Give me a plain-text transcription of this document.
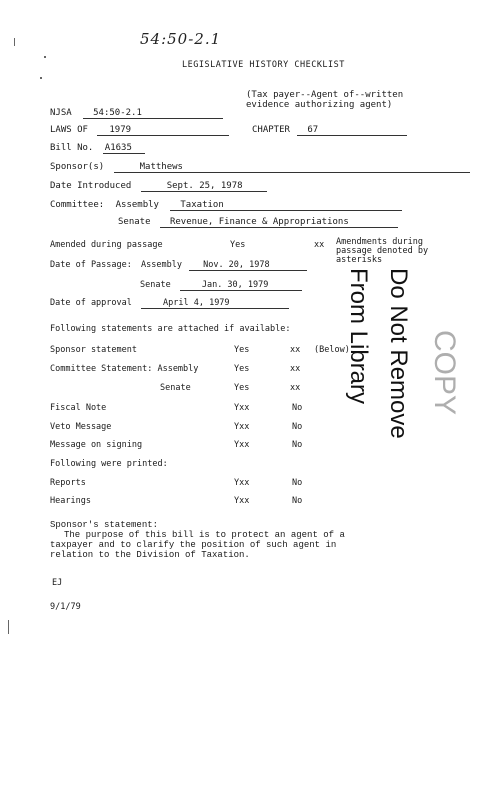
54:50-2.1
LEGISLATIVE HISTORY CHECKLIST
(Tax payer--Agent of--written evidence authorizing agent)
NJSA 54:50-2.1
LAWS OF 1979	CHAPTER 67
Bill No. A1635
Sponsor(s)	Matthews
Date Introduced	Sept. 25, 1978
Committee: Assembly Taxation
Senate Revenue, Finance & Appropriations
Amended during passage	Yes	xx Amendments during passage denoted by asterisks
Date of Passage: Assembly Nov. 20, 1978
Senate	Jan. 30, 1979
Date of approval	April 4, 1979
Following statements are attached if available:
Sponsor statement	Yes	xx (Below)
Committee Statement: Assembly	Yes	xx
Senate	Yes	xx
Fiscal Note	Yxx	No
Veto Message	Yxx	No
Message on signing	Yxx	No
Following were printed:
Reports	Yxx	No
Hearings	Yxx	No
Sponsor's statement:
The purpose of this bill is to protect an agent of a
taxpayer and to clarify the position of such agent in
relation to the Division of Taxation.
EJ
9/1/79
Do Not Remove From Library	COPY
